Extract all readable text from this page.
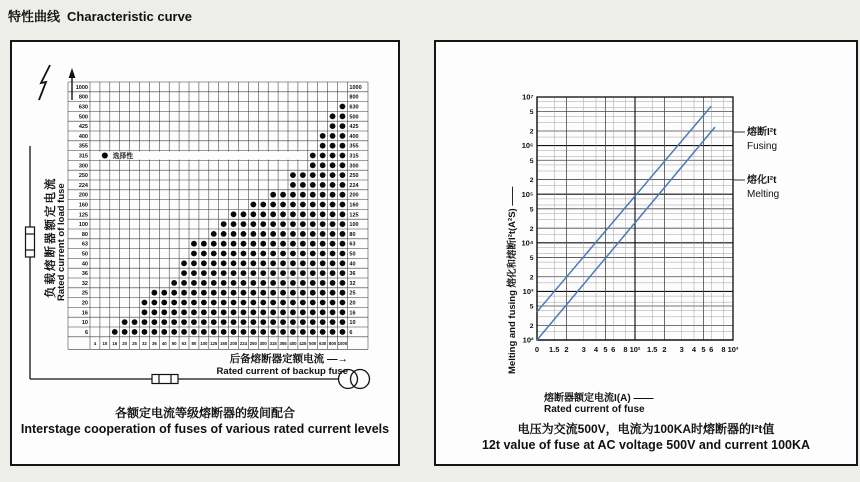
特性曲线 Characteristic curve
1000
800
630
500
425
400
355
315
300
250
224
200
160
125
100
80
63
50
40
36
32
25
20
16
10
6
1000
800
630
500
425
400
355
315
300
250
224
200
160
125
100
80
63
50
40
36
32
25
20
16
10
6
4 10 16 20 25 32 36 40 50 63 80 100 125 160 200 224 250 300 315 355 400 425 500 630 800 1000
选择性
负载熔断器额定电流 Rated current of load fuse
后备熔断器定额电流 —→
Rated current of backup fuse
各额定电流等级熔断器的级间配合
Interstage cooperation of fuses of various rated current levels
10⁷
5
2
10⁶
5
2
10⁵
5
2
10⁴
5
2
10³
5
2
10²
0 1.5 2 3 4 5 6 8 10² 1.5 2 3 4 5 6 8 10³
Melting and fusing 熔化和熔断I²t(A²S) ——
熔断器额定电流I(A) ——
Rated current of fuse
熔断I²t
Fusing
熔化I²t
Melting
电压为交流500V，电流为100KA时熔断器的I²t值
12t value of fuse at AC voltage 500V and current 100KA
